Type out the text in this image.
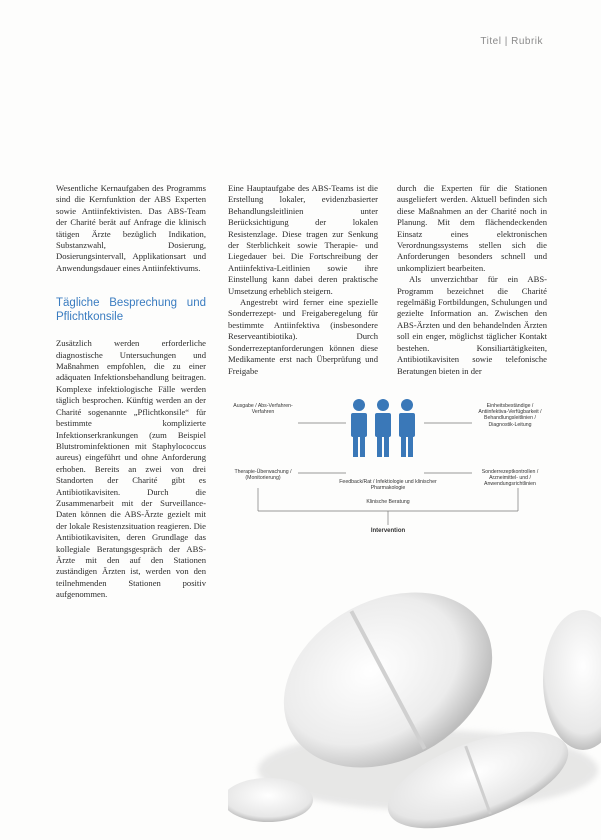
Titel | Rubrik

Wesentliche Kernaufgaben des Programms sind die Kernfunktion der ABS Experten sowie Antiinfektivisten. Das ABS-Team der Charité berät auf Anfrage die klinisch tätigen Ärzte bezüglich Indikation, Substanzwahl, Dosierung, Dosierungsintervall, Applikationsart und Anwendungsdauer eines Antiinfektivums.

Tägliche Besprechung und Pflichtkonsile

Zusätzlich werden erforderliche diagnostische Untersuchungen und Maßnahmen empfohlen, die zu einer adäquaten Infektionsbehandlung beitragen. Komplexe infektiologische Fälle werden täglich besprochen. Künftig werden an der Charité sogenannte „Pflichtkonsile“ für bestimmte komplizierte Infektionserkrankungen (zum Beispiel Blutstrominfektionen mit Staphylococcus aureus) eingeführt und ohne Anforderung erhoben. Bereits an zwei von drei Standorten der Charité gibt es Antibiotikavisiten. Durch die Zusammenarbeit mit der Surveillance-Daten können die ABS-Ärzte gezielt mit der lokale Resistenzsituation reagieren. Die Antibiotikavisiten, deren Grundlage das kollegiale Beratungsgespräch der ABS-Ärzte mit den auf den Stationen zuständigen Ärzten ist, werden von den teilnehmenden Stationen positiv aufgenommen.

Eine Hauptaufgabe des ABS-Teams ist die Erstellung lokaler, evidenzbasierter Behandlungsleitlinien unter Berücksichtigung der lokalen Resistenzlage. Diese tragen zur Senkung der Sterblichkeit sowie Therapie- und Liegedauer bei. Die Fortschreibung der Antiinfektiva-Leitlinien sowie ihre Einstellung kann dabei deren praktische Umsetzung erheblich steigern.

Angestrebt wird ferner eine spezielle Sonderrezept- und Freigaberegelung für bestimmte Antiinfektiva (insbesondere Reserveantibiotika). Durch Sonderrezeptanforderungen können diese Medikamente erst nach Überprüfung und Freigabe

durch die Experten für die Stationen ausgeliefert werden. Aktuell befinden sich diese Maßnahmen an der Charité noch in Planung. Mit dem flächendeckenden Einsatz eines elektronischen Verordnungssystems stellen sich die Anforderungen besonders schnell und unkompliziert bearbeiten.

Als unverzichtbar für ein ABS-Programm bezeichnet die Charité regelmäßig Fortbildungen, Schulungen und gezielte Information an. Zwischen den ABS-Ärzten und den behandelnden Ärzten soll ein enger, möglichst täglicher Kontakt bestehen. Konsiliartätigkeiten, Antibiotikavisiten sowie telefonische Beratungen bieten in der

Ausgabe / Abs-Verfahren-Verfahren
Therapie-Überwachung / (Monitorierung)
Feedback/Rat / Infektiologie und klinischer Pharmakologie
Klinische Beratung
Einheitsbeständige / Antiinfektiva-Verfügbarkeit / Behandlungsleitlinien / Diagnostik-Leitung
Sonderrezeptkontrollen / Arzneimittel- und / Anwendungsrichtlinien
Intervention
